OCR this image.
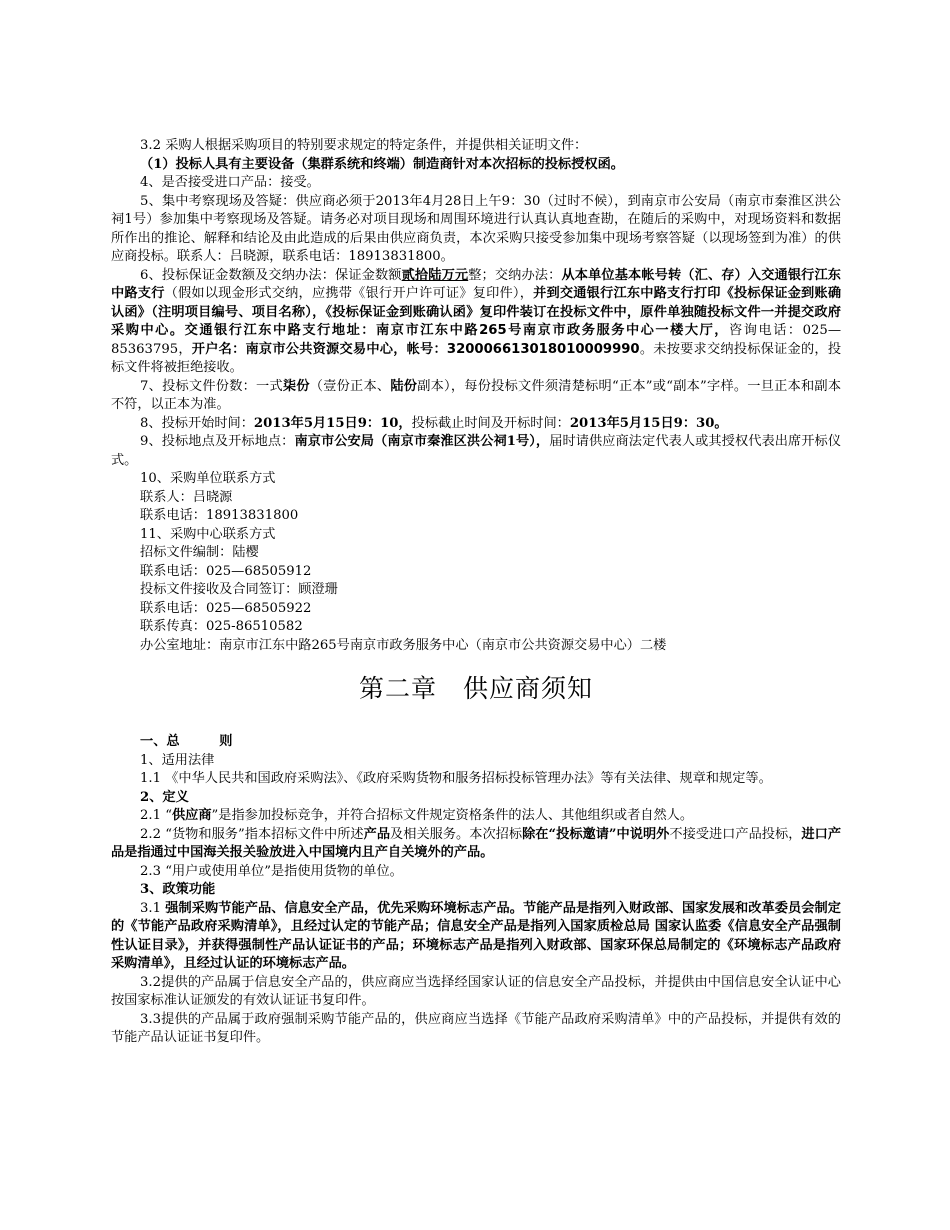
3.2 采购人根据采购项目的特别要求规定的特定条件，并提供相关证明文件：

（1）投标人具有主要设备（集群系统和终端）制造商针对本次招标的投标授权函。

4、是否接受进口产品：接受。

5、集中考察现场及答疑：供应商必须于2013年4月28日上午9：30（过时不候），到南京市公安局（南京市秦淮区洪公祠1号）参加集中考察现场及答疑。请务必对项目现场和周围环境进行认真认真地查勘，在随后的采购中，对现场资料和数据所作出的推论、解释和结论及由此造成的后果由供应商负责，本次采购只接受参加集中现场考察答疑（以现场签到为准）的供应商投标。联系人：吕晓源，联系电话：18913831800。

6、投标保证金数额及交纳办法：保证金数额贰拾陆万元整；交纳办法：从本单位基本帐号转（汇、存）入交通银行江东中路支行（假如以现金形式交纳，应携带《银行开户许可证》复印件），并到交通银行江东中路支行打印《投标保证金到账确认函》（注明项目编号、项目名称），《投标保证金到账确认函》复印件装订在投标文件中，原件单独随投标文件一并提交政府采购中心。交通银行江东中路支行地址：南京市江东中路265号南京市政务服务中心一楼大厅，咨询电话：025—85363795，开户名：南京市公共资源交易中心，帐号：320006613018010009990。未按要求交纳投标保证金的，投标文件将被拒绝接收。

7、投标文件份数：一式柒份（壹份正本、陆份副本），每份投标文件须清楚标明“正本”或“副本”字样。一旦正本和副本不符，以正本为准。

8、投标开始时间：2013年5月15日9：10，投标截止时间及开标时间：2013年5月15日9：30。

9、投标地点及开标地点：南京市公安局（南京市秦淮区洪公祠1号），届时请供应商法定代表人或其授权代表出席开标仪式。

10、采购单位联系方式

联系人：吕晓源

联系电话：18913831800

11、采购中心联系方式

招标文件编制：陆樱

联系电话：025—68505912

投标文件接收及合同签订：顾澄珊

联系电话：025—68505922

联系传真：025-86510582

办公室地址：南京市江东中路265号南京市政务服务中心（南京市公共资源交易中心）二楼

第二章　供应商须知

一、总	则

1、适用法律

1.1 《中华人民共和国政府采购法》、《政府采购货物和服务招标投标管理办法》等有关法律、规章和规定等。

2、定义

2.1 “供应商”是指参加投标竞争，并符合招标文件规定资格条件的法人、其他组织或者自然人。

2.2 “货物和服务”指本招标文件中所述产品及相关服务。本次招标除在“投标邀请”中说明外不接受进口产品投标，进口产品是指通过中国海关报关验放进入中国境内且产自关境外的产品。

2.3 “用户或使用单位”是指使用货物的单位。

3、政策功能

3.1 强制采购节能产品、信息安全产品，优先采购环境标志产品。节能产品是指列入财政部、国家发展和改革委员会制定的《节能产品政府采购清单》，且经过认定的节能产品；信息安全产品是指列入国家质检总局 国家认监委《信息安全产品强制性认证目录》，并获得强制性产品认证证书的产品；环境标志产品是指列入财政部、国家环保总局制定的《环境标志产品政府采购清单》，且经过认证的环境标志产品。

3.2提供的产品属于信息安全产品的，供应商应当选择经国家认证的信息安全产品投标，并提供由中国信息安全认证中心按国家标准认证颁发的有效认证证书复印件。

3.3提供的产品属于政府强制采购节能产品的，供应商应当选择《节能产品政府采购清单》中的产品投标，并提供有效的节能产品认证证书复印件。
